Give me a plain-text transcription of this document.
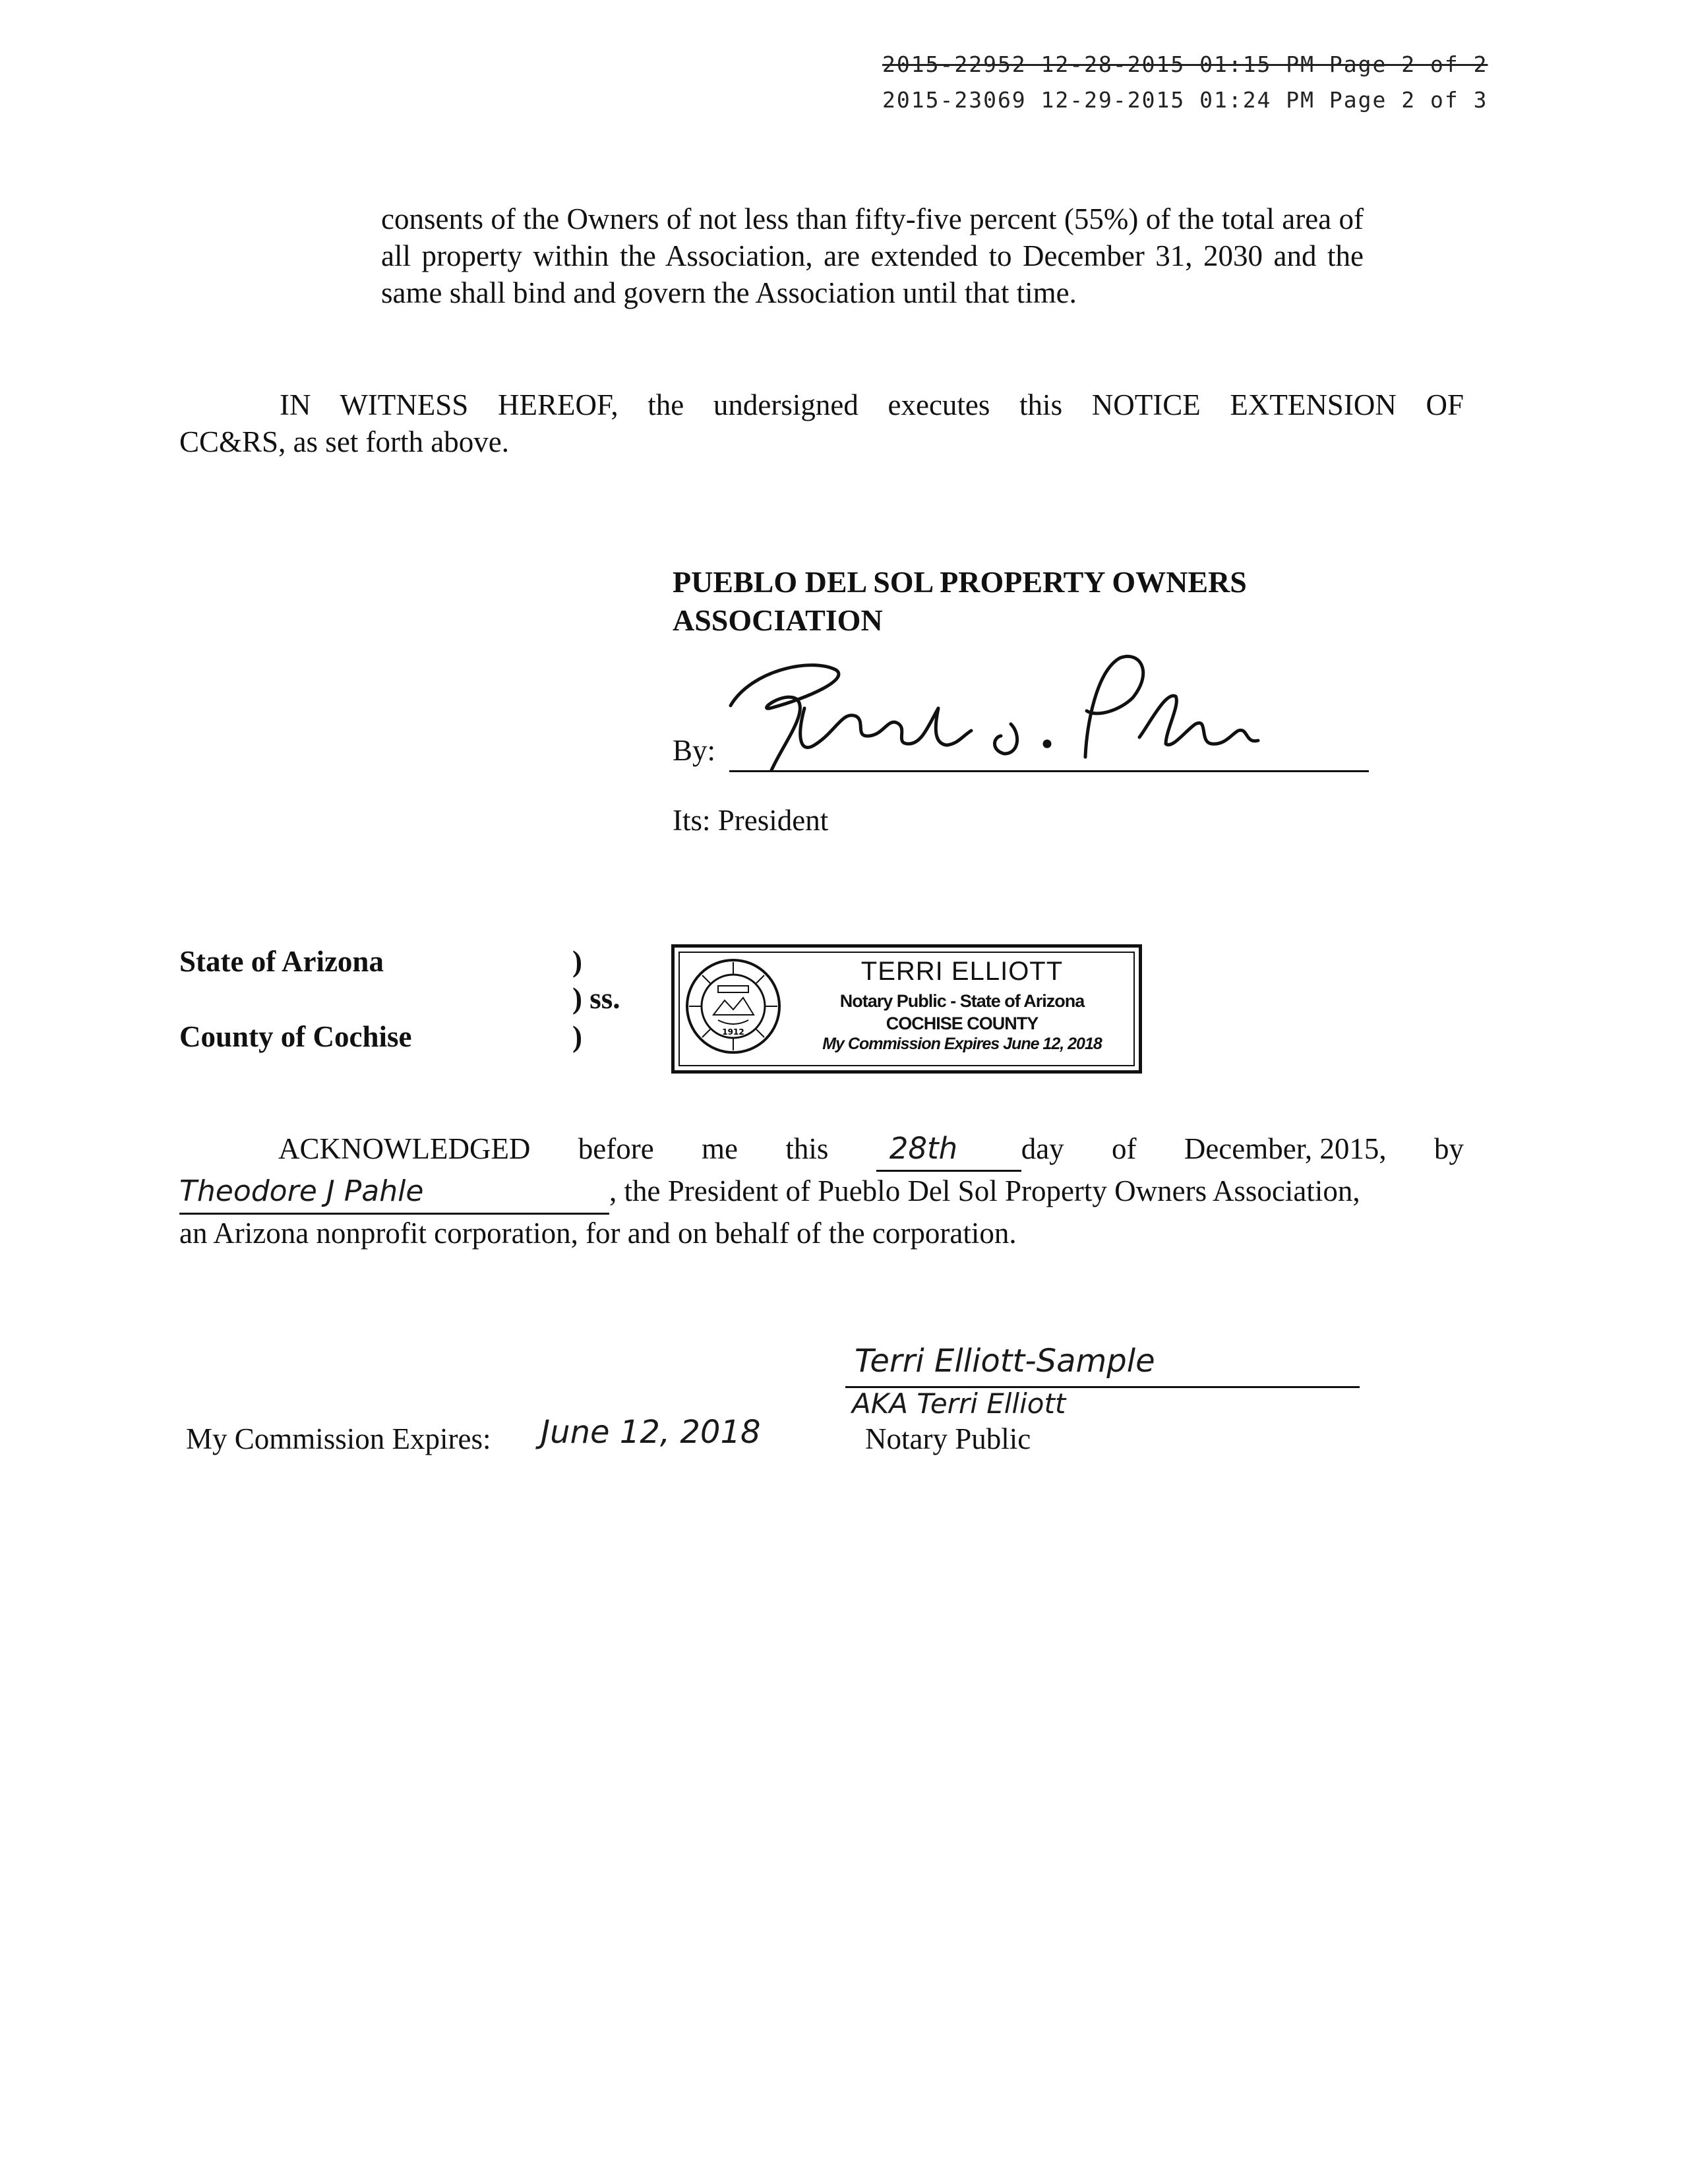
2015-22952 12-28-2015 01:15 PM Page 2 of 2
2015-23069 12-29-2015 01:24 PM Page 2 of 3
consents of the Owners of not less than fifty-five percent (55%) of the total area of all property within the Association, are extended to December 31, 2030 and the same shall bind and govern the Association until that time.
IN WITNESS HEREOF, the undersigned executes this NOTICE EXTENSION OF
CC&RS, as set forth above.
PUEBLO DEL SOL PROPERTY OWNERS
ASSOCIATION
By:
Its: President
State of Arizona
County of Cochise
)
) ss.
)	1912
TERRI ELLIOTT
Notary Public - State of Arizona
COCHISE COUNTY
My Commission Expires June 12, 2018
ACKNOWLEDGED before me this	28th day of December, 2015, by
Theodore J Pahle	, the President of Pueblo Del Sol Property Owners Association,
an Arizona nonprofit corporation, for and on behalf of the corporation.
My Commission Expires: June 12, 2018
Terri Elliott-Sample
AKA Terri Elliott
Notary Public
